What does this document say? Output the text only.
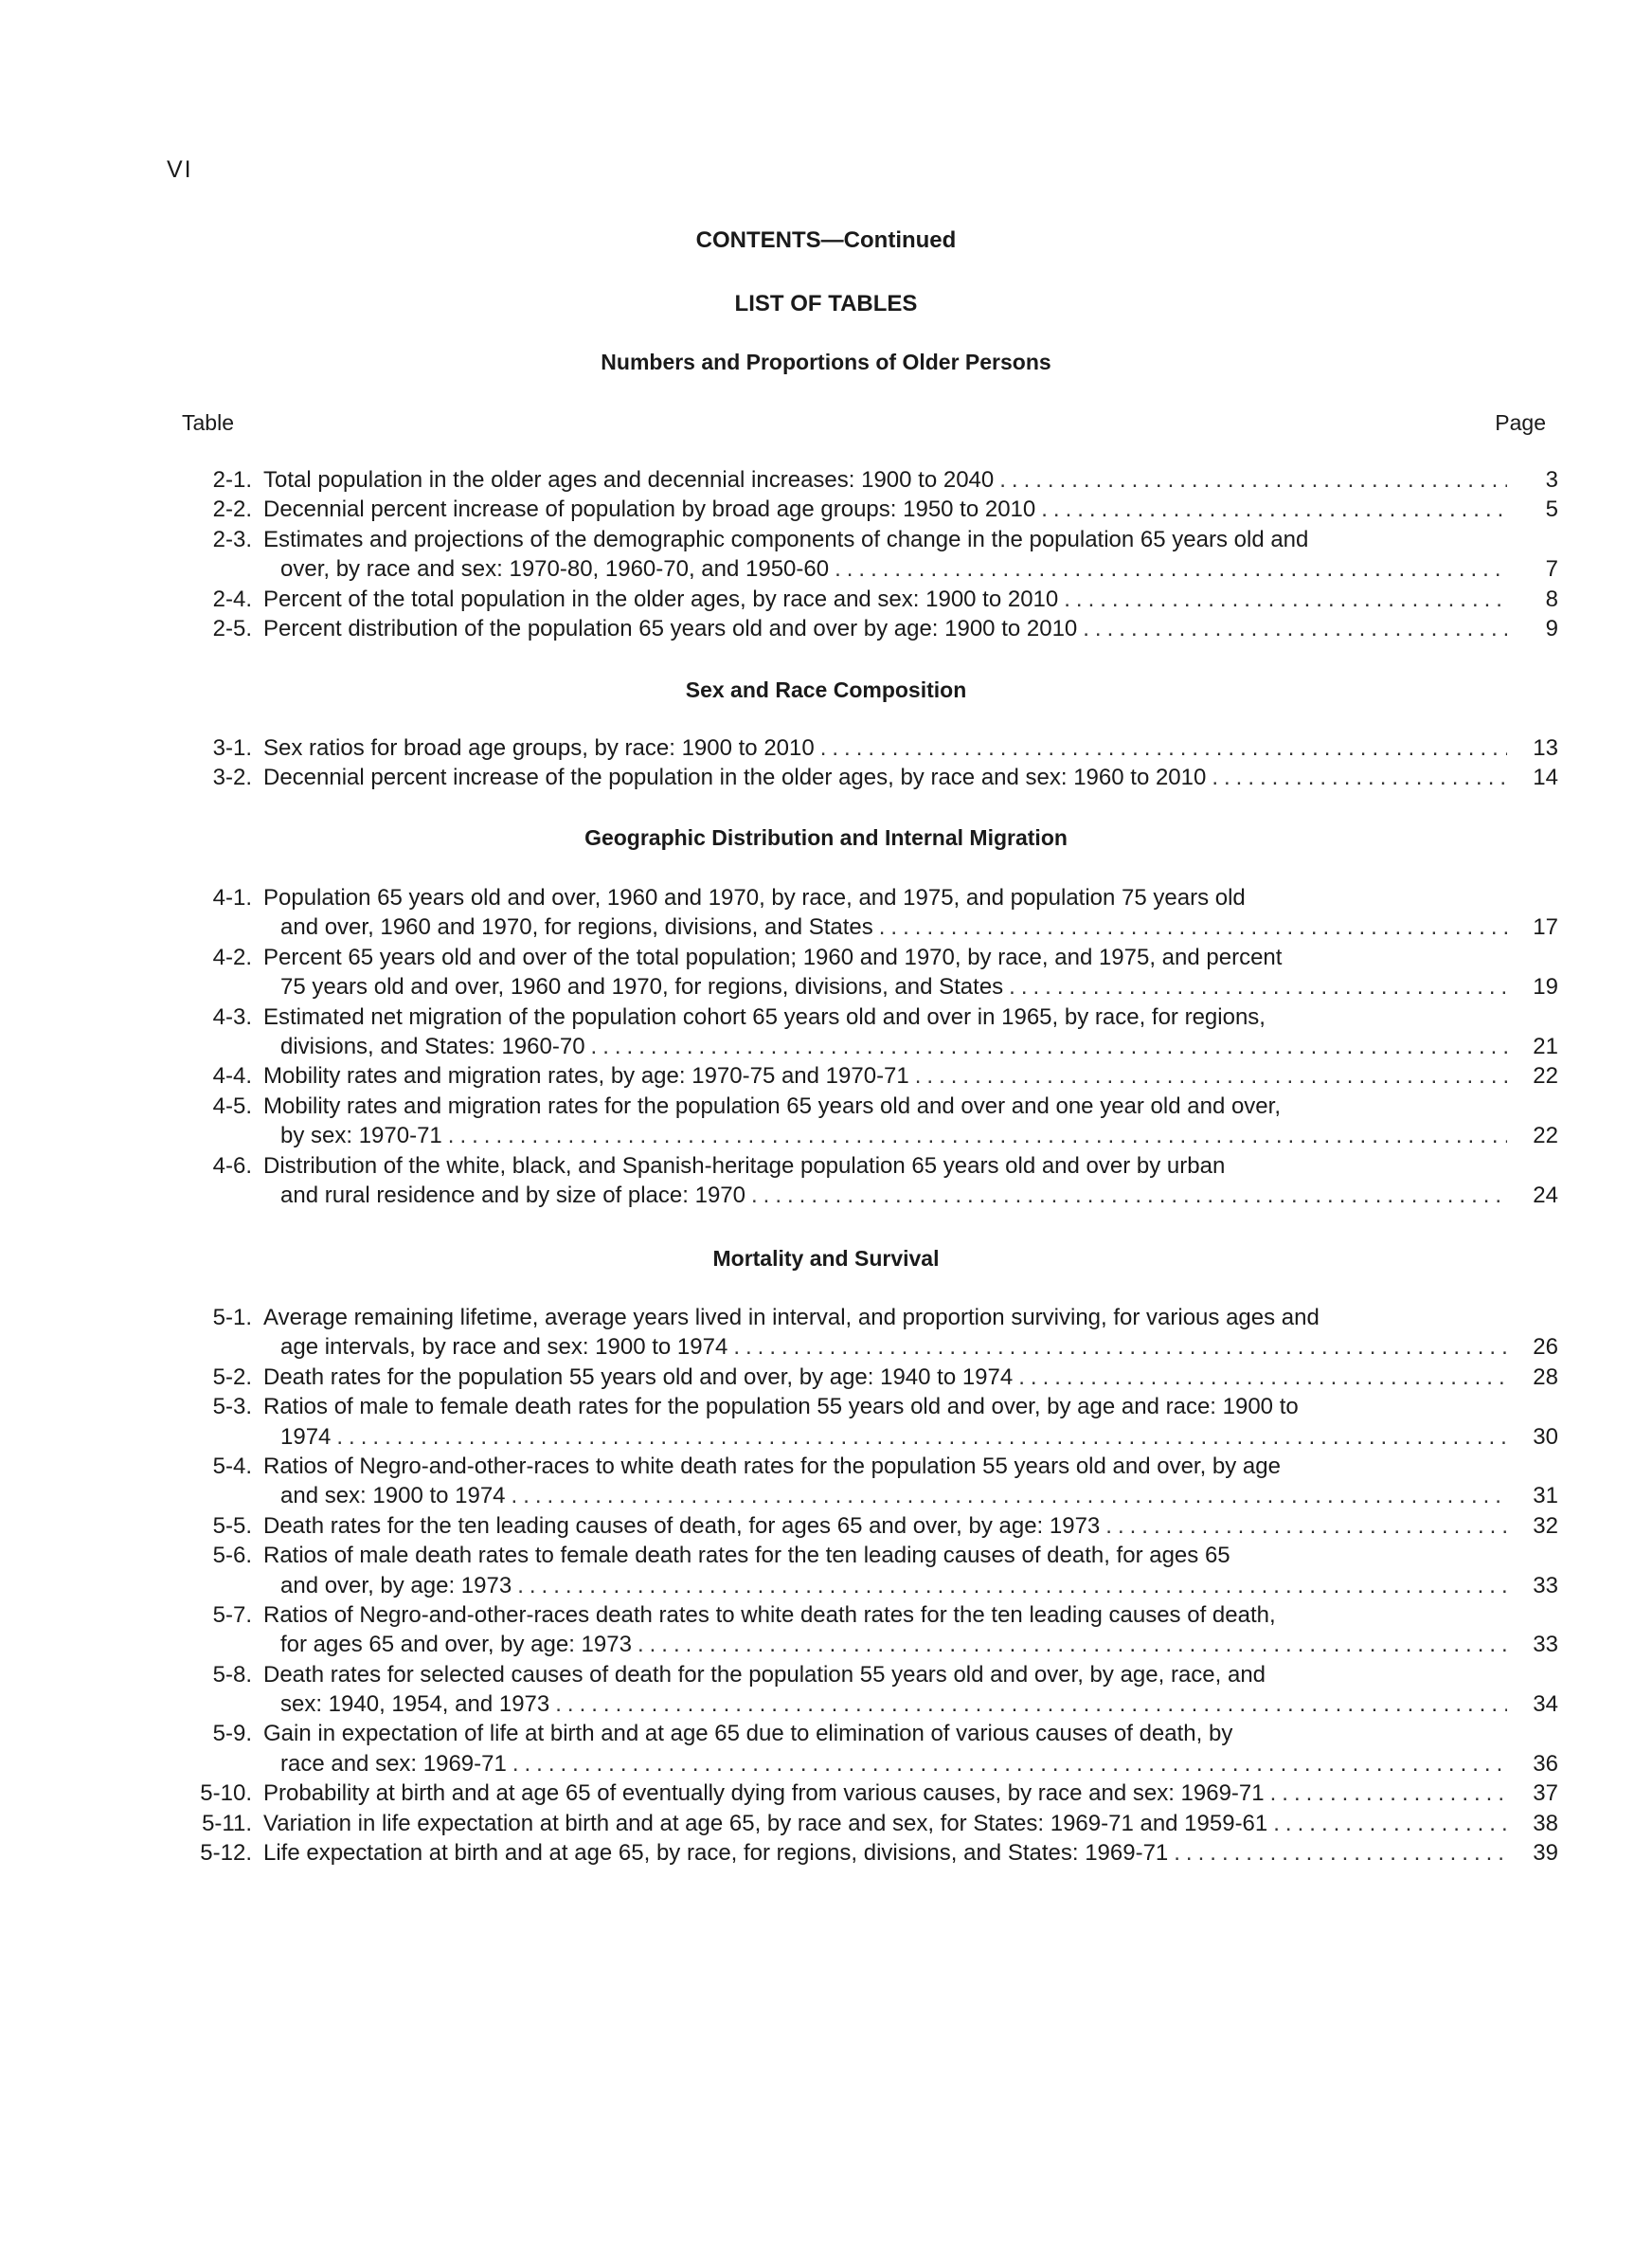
VI
CONTENTS—Continued
LIST OF TABLES
Table	Page
Numbers and Proportions of Older Persons
2-1. Total population in the older ages and decennial increases: 1900 to 2040 .....	3
2-2. Decennial percent increase of population by broad age groups: 1950 to 2010 .....	5
2-3. Estimates and projections of the demographic components of change in the population 65 years old and
over, by race and sex: 1970-80, 1960-70, and 1950-60 .....	7
2-4. Percent of the total population in the older ages, by race and sex: 1900 to 2010 .....	8
2-5. Percent distribution of the population 65 years old and over by age: 1900 to 2010 .....	9
Sex and Race Composition
3-1. Sex ratios for broad age groups, by race: 1900 to 2010 .....	13
3-2. Decennial percent increase of the population in the older ages, by race and sex: 1960 to 2010 .....	14
Geographic Distribution and Internal Migration
4-1. Population 65 years old and over, 1960 and 1970, by race, and 1975, and population 75 years old
and over, 1960 and 1970, for regions, divisions, and States .....	17
4-2. Percent 65 years old and over of the total population; 1960 and 1970, by race, and 1975, and percent
75 years old and over, 1960 and 1970, for regions, divisions, and States .....	19
4-3. Estimated net migration of the population cohort 65 years old and over in 1965, by race, for regions,
divisions, and States: 1960-70 .....	21
4-4. Mobility rates and migration rates, by age: 1970-75 and 1970-71 .....	22
4-5. Mobility rates and migration rates for the population 65 years old and over and one year old and over,
by sex: 1970-71 .....	22
4-6. Distribution of the white, black, and Spanish-heritage population 65 years old and over by urban
and rural residence and by size of place: 1970 .....	24
Mortality and Survival
5-1. Average remaining lifetime, average years lived in interval, and proportion surviving, for various ages and
age intervals, by race and sex: 1900 to 1974 .....	26
5-2. Death rates for the population 55 years old and over, by age: 1940 to 1974 .....	28
5-3. Ratios of male to female death rates for the population 55 years old and over, by age and race: 1900 to
1974 .....	30
5-4. Ratios of Negro-and-other-races to white death rates for the population 55 years old and over, by age
and sex: 1900 to 1974 .....	31
5-5. Death rates for the ten leading causes of death, for ages 65 and over, by age: 1973 .....	32
5-6. Ratios of male death rates to female death rates for the ten leading causes of death, for ages 65
and over, by age: 1973 .....	33
5-7. Ratios of Negro-and-other-races death rates to white death rates for the ten leading causes of death,
for ages 65 and over, by age: 1973 .....	33
5-8. Death rates for selected causes of death for the population 55 years old and over, by age, race, and
sex: 1940, 1954, and 1973 .....	34
5-9. Gain in expectation of life at birth and at age 65 due to elimination of various causes of death, by
race and sex: 1969-71 .....	36
5-10. Probability at birth and at age 65 of eventually dying from various causes, by race and sex: 1969-71 .....	37
5-11. Variation in life expectation at birth and at age 65, by race and sex, for States: 1969-71 and 1959-61 .....	38
5-12. Life expectation at birth and at age 65, by race, for regions, divisions, and States: 1969-71 .....	39
